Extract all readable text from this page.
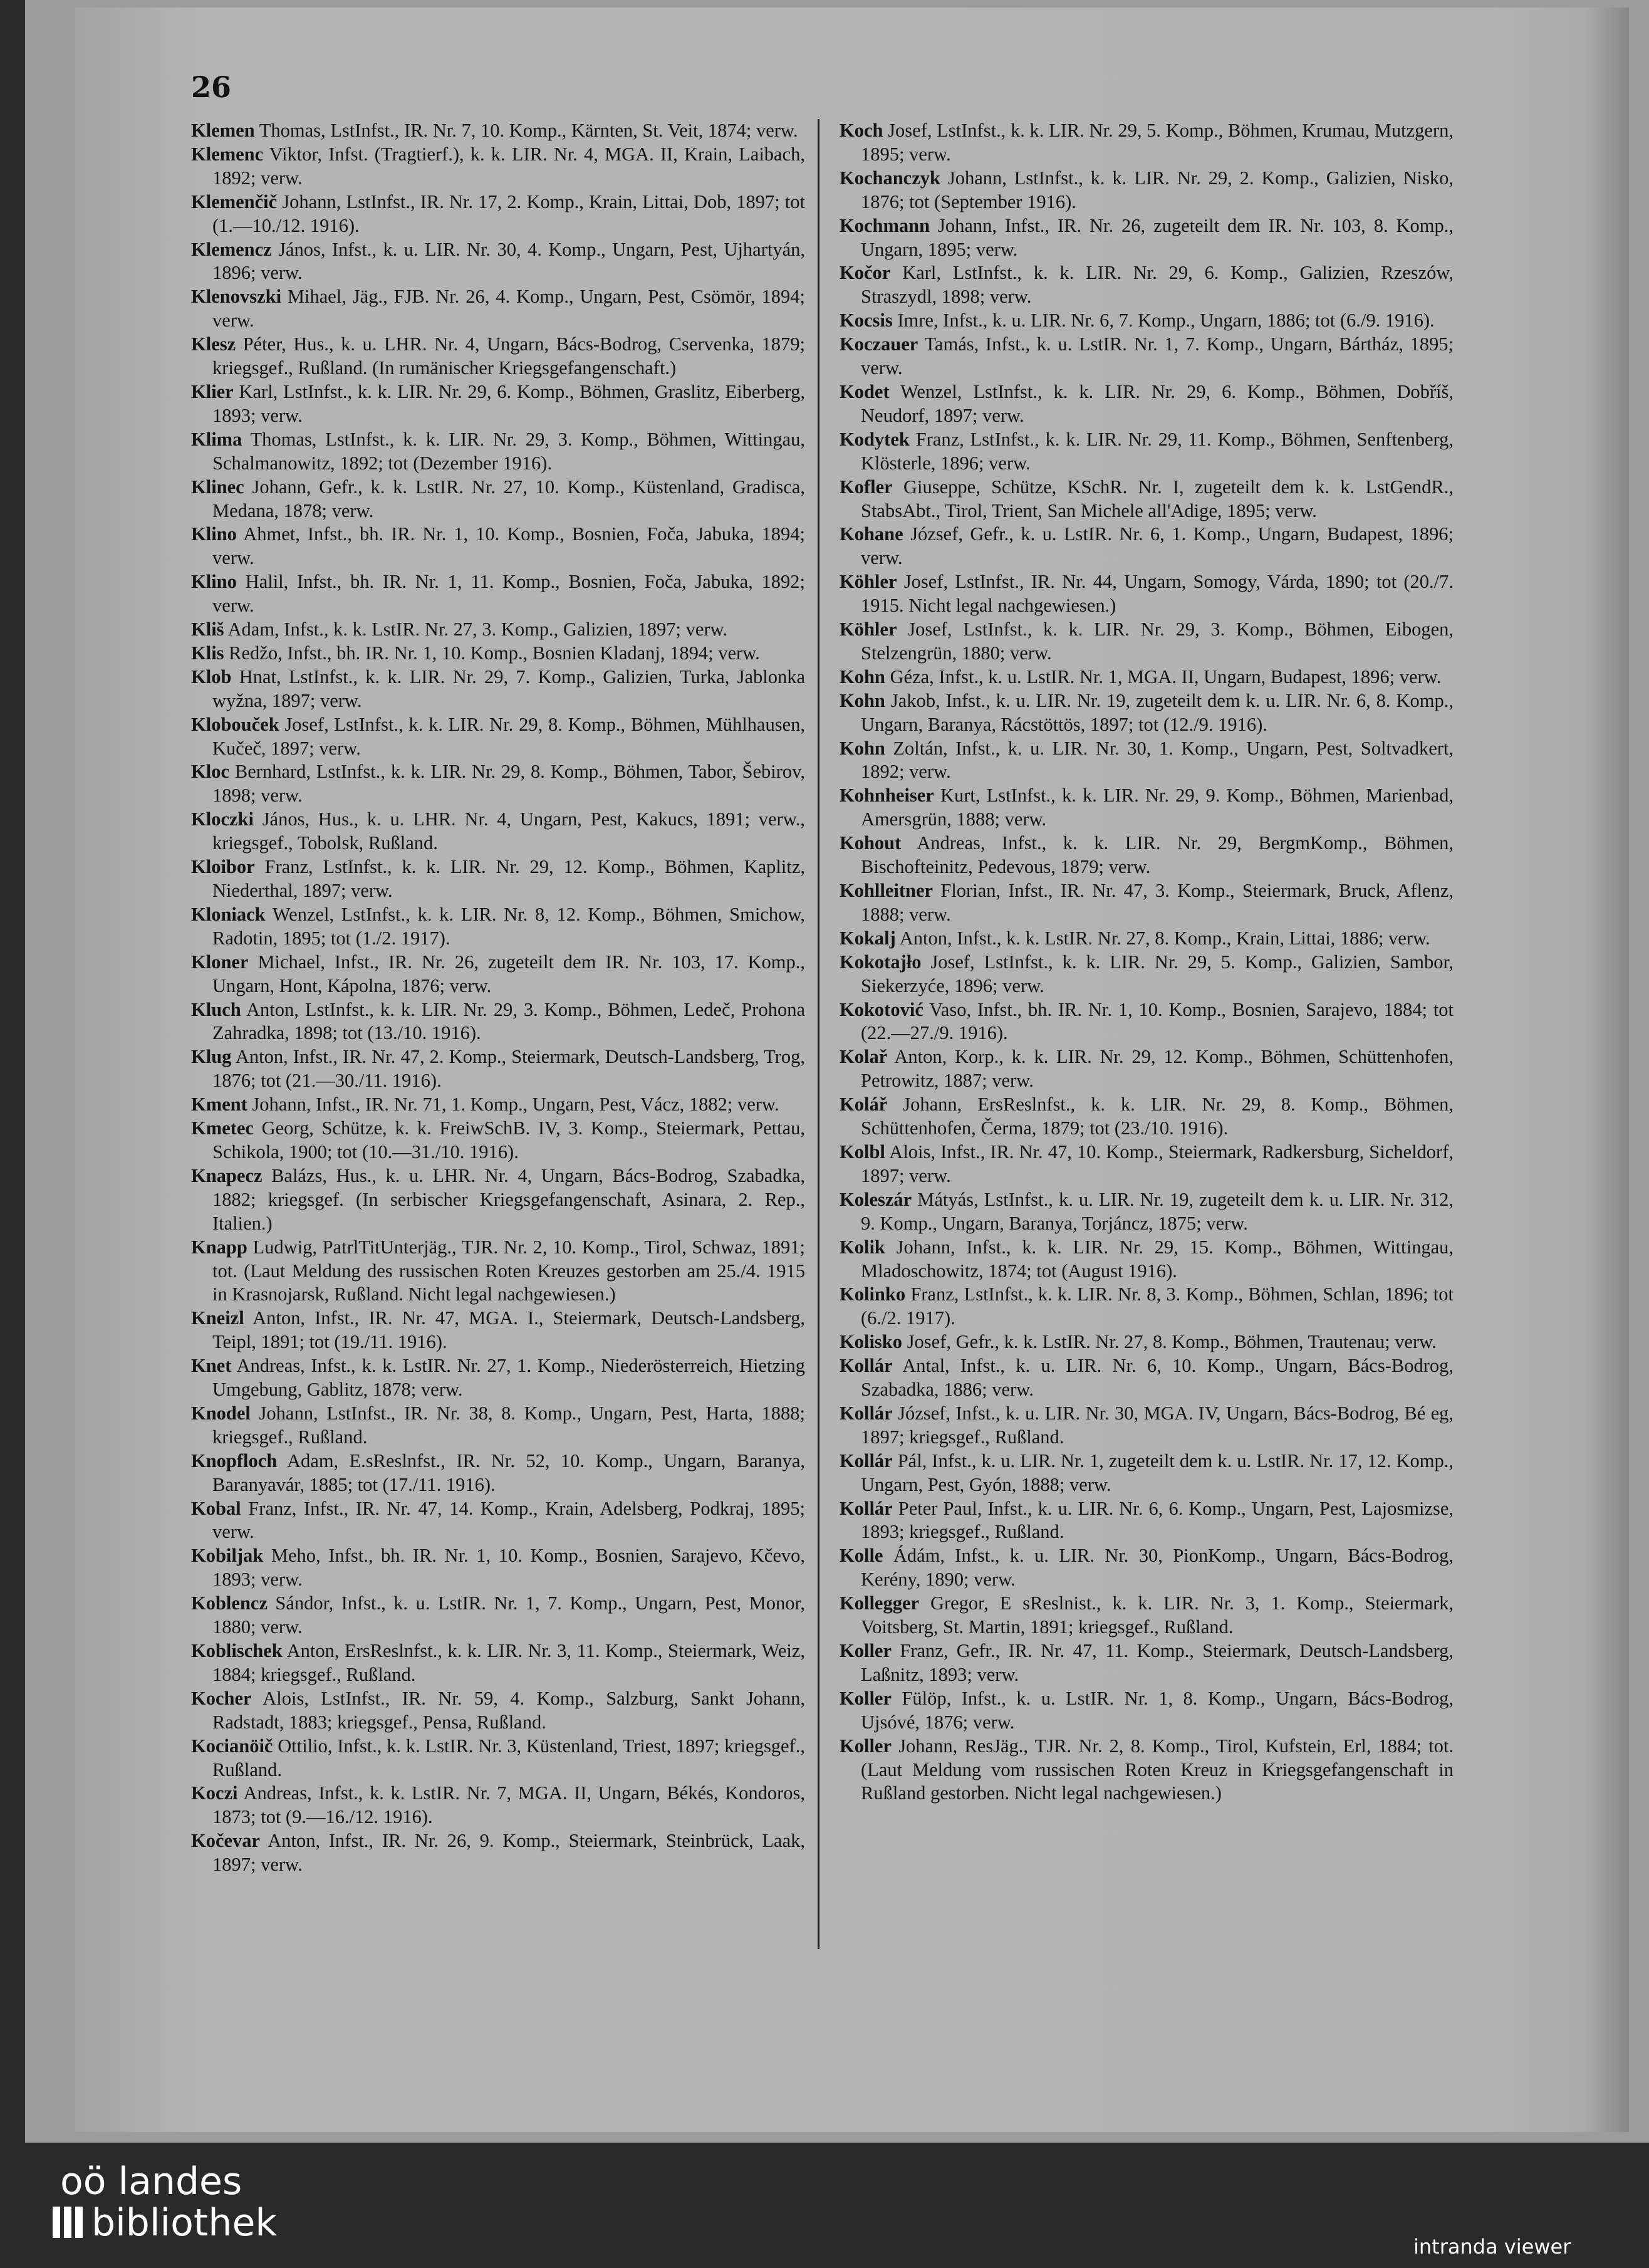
26

Klemen Thomas, LstInfst., IR. Nr. 7, 10. Komp., Kärnten, St. Veit, 1874; verw.

Klemenc Viktor, Infst. (Tragtierf.), k. k. LIR. Nr. 4, MGA. II, Krain, Laibach, 1892; verw.

Klemenčič Johann, LstInfst., IR. Nr. 17, 2. Komp., Krain, Littai, Dob, 1897; tot (1.—10./12. 1916).

Klemencz János, Infst., k. u. LIR. Nr. 30, 4. Komp., Ungarn, Pest, Ujhartyán, 1896; verw.

Klenovszki Mihael, Jäg., FJB. Nr. 26, 4. Komp., Ungarn, Pest, Csömör, 1894; verw.

Klesz Péter, Hus., k. u. LHR. Nr. 4, Ungarn, Bács-Bodrog, Cservenka, 1879; kriegsgef., Rußland. (In rumänischer Kriegsgefangenschaft.)

Klier Karl, LstInfst., k. k. LIR. Nr. 29, 6. Komp., Böhmen, Graslitz, Eiberberg, 1893; verw.

Klima Thomas, LstInfst., k. k. LIR. Nr. 29, 3. Komp., Böhmen, Wittingau, Schalmanowitz, 1892; tot (Dezember 1916).

Klinec Johann, Gefr., k. k. LstIR. Nr. 27, 10. Komp., Küstenland, Gradisca, Medana, 1878; verw.

Klino Ahmet, Infst., bh. IR. Nr. 1, 10. Komp., Bosnien, Foča, Jabuka, 1894; verw.

Klino Halil, Infst., bh. IR. Nr. 1, 11. Komp., Bosnien, Foča, Jabuka, 1892; verw.

Kliš Adam, Infst., k. k. LstIR. Nr. 27, 3. Komp., Galizien, 1897; verw.

Klis Redžo, Infst., bh. IR. Nr. 1, 10. Komp., Bosnien Kladanj, 1894; verw.

Klob Hnat, LstInfst., k. k. LIR. Nr. 29, 7. Komp., Galizien, Turka, Jablonka wyžna, 1897; verw.

Klobouček Josef, LstInfst., k. k. LIR. Nr. 29, 8. Komp., Böhmen, Mühlhausen, Kučeč, 1897; verw.

Kloc Bernhard, LstInfst., k. k. LIR. Nr. 29, 8. Komp., Böhmen, Tabor, Šebirov, 1898; verw.

Kloczki János, Hus., k. u. LHR. Nr. 4, Ungarn, Pest, Kakucs, 1891; verw., kriegsgef., Tobolsk, Rußland.

Kloibor Franz, LstInfst., k. k. LIR. Nr. 29, 12. Komp., Böhmen, Kaplitz, Niederthal, 1897; verw.

Kloniack Wenzel, LstInfst., k. k. LIR. Nr. 8, 12. Komp., Böhmen, Smichow, Radotin, 1895; tot (1./2. 1917).

Kloner Michael, Infst., IR. Nr. 26, zugeteilt dem IR. Nr. 103, 17. Komp., Ungarn, Hont, Kápolna, 1876; verw.

Kluch Anton, LstInfst., k. k. LIR. Nr. 29, 3. Komp., Böhmen, Ledeč, Prohona Zahradka, 1898; tot (13./10. 1916).

Klug Anton, Infst., IR. Nr. 47, 2. Komp., Steiermark, Deutsch-Landsberg, Trog, 1876; tot (21.—30./11. 1916).

Kment Johann, Infst., IR. Nr. 71, 1. Komp., Ungarn, Pest, Vácz, 1882; verw.

Kmetec Georg, Schütze, k. k. FreiwSchB. IV, 3. Komp., Steiermark, Pettau, Schikola, 1900; tot (10.—31./10. 1916).

Knapecz Balázs, Hus., k. u. LHR. Nr. 4, Ungarn, Bács-Bodrog, Szabadka, 1882; kriegsgef. (In serbischer Kriegsgefangenschaft, Asinara, 2. Rep., Italien.)

Knapp Ludwig, PatrlTitUnterjäg., TJR. Nr. 2, 10. Komp., Tirol, Schwaz, 1891; tot. (Laut Meldung des russischen Roten Kreuzes gestorben am 25./4. 1915 in Krasnojarsk, Rußland. Nicht legal nachgewiesen.)

Kneizl Anton, Infst., IR. Nr. 47, MGA. I., Steiermark, Deutsch-Landsberg, Teipl, 1891; tot (19./11. 1916).

Knet Andreas, Infst., k. k. LstIR. Nr. 27, 1. Komp., Niederösterreich, Hietzing Umgebung, Gablitz, 1878; verw.

Knodel Johann, LstInfst., IR. Nr. 38, 8. Komp., Ungarn, Pest, Harta, 1888; kriegsgef., Rußland.

Knopfloch Adam, E.sReslnfst., IR. Nr. 52, 10. Komp., Ungarn, Baranya, Baranyavár, 1885; tot (17./11. 1916).

Kobal Franz, Infst., IR. Nr. 47, 14. Komp., Krain, Adelsberg, Podkraj, 1895; verw.

Kobiljak Meho, Infst., bh. IR. Nr. 1, 10. Komp., Bosnien, Sarajevo, Kčevo, 1893; verw.

Koblencz Sándor, Infst., k. u. LstIR. Nr. 1, 7. Komp., Ungarn, Pest, Monor, 1880; verw.

Koblischek Anton, ErsReslnfst., k. k. LIR. Nr. 3, 11. Komp., Steiermark, Weiz, 1884; kriegsgef., Rußland.

Kocher Alois, LstInfst., IR. Nr. 59, 4. Komp., Salzburg, Sankt Johann, Radstadt, 1883; kriegsgef., Pensa, Rußland.

Kocianöič Ottilio, Infst., k. k. LstIR. Nr. 3, Küstenland, Triest, 1897; kriegsgef., Rußland.

Koczi Andreas, Infst., k. k. LstIR. Nr. 7, MGA. II, Ungarn, Békés, Kondoros, 1873; tot (9.—16./12. 1916).

Kočevar Anton, Infst., IR. Nr. 26, 9. Komp., Steiermark, Steinbrück, Laak, 1897; verw.

Koch Josef, LstInfst., k. k. LIR. Nr. 29, 5. Komp., Böhmen, Krumau, Mutzgern, 1895; verw.

Kochanczyk Johann, LstInfst., k. k. LIR. Nr. 29, 2. Komp., Galizien, Nisko, 1876; tot (September 1916).

Kochmann Johann, Infst., IR. Nr. 26, zugeteilt dem IR. Nr. 103, 8. Komp., Ungarn, 1895; verw.

Kočor Karl, LstInfst., k. k. LIR. Nr. 29, 6. Komp., Galizien, Rzeszów, Straszydl, 1898; verw.

Kocsis Imre, Infst., k. u. LIR. Nr. 6, 7. Komp., Ungarn, 1886; tot (6./9. 1916).

Koczauer Tamás, Infst., k. u. LstIR. Nr. 1, 7. Komp., Ungarn, Bártház, 1895; verw.

Kodet Wenzel, LstInfst., k. k. LIR. Nr. 29, 6. Komp., Böhmen, Dobříš, Neudorf, 1897; verw.

Kodytek Franz, LstInfst., k. k. LIR. Nr. 29, 11. Komp., Böhmen, Senftenberg, Klösterle, 1896; verw.

Kofler Giuseppe, Schütze, KSchR. Nr. I, zugeteilt dem k. k. LstGendR., StabsAbt., Tirol, Trient, San Michele all'Adige, 1895; verw.

Kohane József, Gefr., k. u. LstIR. Nr. 6, 1. Komp., Ungarn, Budapest, 1896; verw.

Köhler Josef, LstInfst., IR. Nr. 44, Ungarn, Somogy, Várda, 1890; tot (20./7. 1915. Nicht legal nachgewiesen.)

Köhler Josef, LstInfst., k. k. LIR. Nr. 29, 3. Komp., Böhmen, Eibogen, Stelzengrün, 1880; verw.

Kohn Géza, Infst., k. u. LstIR. Nr. 1, MGA. II, Ungarn, Budapest, 1896; verw.

Kohn Jakob, Infst., k. u. LIR. Nr. 19, zugeteilt dem k. u. LIR. Nr. 6, 8. Komp., Ungarn, Baranya, Rácstöttös, 1897; tot (12./9. 1916).

Kohn Zoltán, Infst., k. u. LIR. Nr. 30, 1. Komp., Ungarn, Pest, Soltvadkert, 1892; verw.

Kohnheiser Kurt, LstInfst., k. k. LIR. Nr. 29, 9. Komp., Böhmen, Marienbad, Amersgrün, 1888; verw.

Kohout Andreas, Infst., k. k. LIR. Nr. 29, BergmKomp., Böhmen, Bischofteinitz, Pedevous, 1879; verw.

Kohlleitner Florian, Infst., IR. Nr. 47, 3. Komp., Steiermark, Bruck, Aflenz, 1888; verw.

Kokalj Anton, Infst., k. k. LstIR. Nr. 27, 8. Komp., Krain, Littai, 1886; verw.

Kokotajło Josef, LstInfst., k. k. LIR. Nr. 29, 5. Komp., Galizien, Sambor, Siekerzyće, 1896; verw.

Kokotović Vaso, Infst., bh. IR. Nr. 1, 10. Komp., Bosnien, Sarajevo, 1884; tot (22.—27./9. 1916).

Kolař Anton, Korp., k. k. LIR. Nr. 29, 12. Komp., Böhmen, Schüttenhofen, Petrowitz, 1887; verw.

Kolář Johann, ErsReslnfst., k. k. LIR. Nr. 29, 8. Komp., Böhmen, Schüttenhofen, Čerma, 1879; tot (23./10. 1916).

Kolbl Alois, Infst., IR. Nr. 47, 10. Komp., Steiermark, Radkersburg, Sicheldorf, 1897; verw.

Koleszár Mátyás, LstInfst., k. u. LIR. Nr. 19, zugeteilt dem k. u. LIR. Nr. 312, 9. Komp., Ungarn, Baranya, Torjáncz, 1875; verw.

Kolik Johann, Infst., k. k. LIR. Nr. 29, 15. Komp., Böhmen, Wittingau, Mladoschowitz, 1874; tot (August 1916).

Kolinko Franz, LstInfst., k. k. LIR. Nr. 8, 3. Komp., Böhmen, Schlan, 1896; tot (6./2. 1917).

Kolisko Josef, Gefr., k. k. LstIR. Nr. 27, 8. Komp., Böhmen, Trautenau; verw.

Kollár Antal, Infst., k. u. LIR. Nr. 6, 10. Komp., Ungarn, Bács-Bodrog, Szabadka, 1886; verw.

Kollár József, Infst., k. u. LIR. Nr. 30, MGA. IV, Ungarn, Bács-Bodrog, Bé eg, 1897; kriegsgef., Rußland.

Kollár Pál, Infst., k. u. LIR. Nr. 1, zugeteilt dem k. u. LstIR. Nr. 17, 12. Komp., Ungarn, Pest, Gyón, 1888; verw.

Kollár Peter Paul, Infst., k. u. LIR. Nr. 6, 6. Komp., Ungarn, Pest, Lajosmizse, 1893; kriegsgef., Rußland.

Kolle Ádám, Infst., k. u. LIR. Nr. 30, PionKomp., Ungarn, Bács-Bodrog, Kerény, 1890; verw.

Kollegger Gregor, E sReslnist., k. k. LIR. Nr. 3, 1. Komp., Steiermark, Voitsberg, St. Martin, 1891; kriegsgef., Rußland.

Koller Franz, Gefr., IR. Nr. 47, 11. Komp., Steiermark, Deutsch-Landsberg, Laßnitz, 1893; verw.

Koller Fülöp, Infst., k. u. LstIR. Nr. 1, 8. Komp., Ungarn, Bács-Bodrog, Ujsóvé, 1876; verw.

Koller Johann, ResJäg., TJR. Nr. 2, 8. Komp., Tirol, Kufstein, Erl, 1884; tot. (Laut Meldung vom russischen Roten Kreuz in Kriegsgefangenschaft in Rußland gestorben. Nicht legal nachgewiesen.)

oö landes
bibliothek
intranda viewer
